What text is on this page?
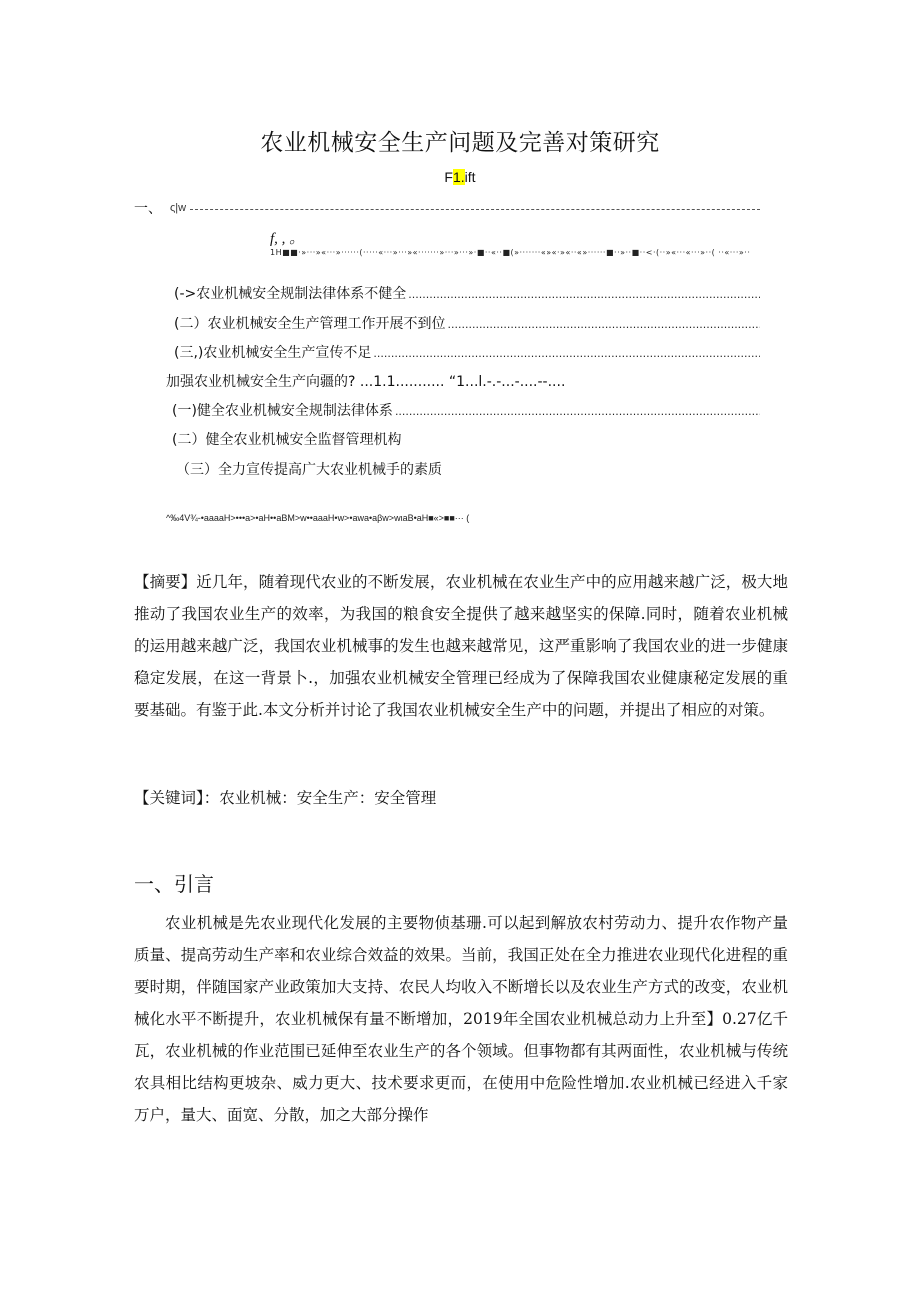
农业机械安全生产问题及完善对策研究
F1.ift
一、 ς|w
f, , 。
1H■■·»···»«···»······(·····«···»···»«·······»···»···»·■··«··■(»·······«»«·»«··«»······■··»··■··<·(··»«···«···»··( ··«···»··
(->农业机械安全规制法律体系不健全
.....
(二）农业机械安全生产管理工作开展不到位
.....
(三,)农业机械安全生产宣传不足
.....
加强农业机械安全生产向疆的? ...1.1........... “1...l.-.-...-....--....
(一)健全农业机械安全规制法律体系
.....
(二）健全农业机械安全监督管理机构
（三）全力宣传提高广大农业机械手的素质
^‰4V¾-•aaaaH>•••a>•aH••aBM>w••aaaH•w>•awa•aβw>wιaB•aH■«>■■··· (
【摘要】近几年，随着现代农业的不断发展，农业机械在农业生产中的应用越来越广泛，极大地推动了我国农业生产的效率，为我国的粮食安全提供了越来越坚实的保障.同时，随着农业机械的运用越来越广泛，我国农业机械事的发生也越来越常见，这严重影响了我国农业的进一步健康稳定发展，在这一背景卜.，加强农业机械安全管理已经成为了保障我国农业健康秘定发展的重要基础。有鉴于此.本文分析并讨论了我国农业机械安全生产中的问题，并提出了相应的对策。
【关键词】：农业机械：安全生产：安全管理
一、引言
农业机械是先农业现代化发展的主要物侦基珊.可以起到解放农村劳动力、提升农作物产量质量、提高劳动生产率和农业综合效益的效果。当前，我国正处在全力推进农业现代化进程的重要时期，伴随国家产业政策加大支持、农民人均收入不断增长以及农业生产方式的改变，农业机械化水平不断提升，农业机械保有量不断增加，2019年全国农业机械总动力上升至】0.27亿千瓦，农业机械的作业范围已延伸至农业生产的各个领域。但事物都有其两面性，农业机械与传统农具相比结构更坡杂、威力更大、技术要求更而，在使用中危险性增加.农业机械已经进入千家万户，量大、面宽、分散，加之大部分操作
